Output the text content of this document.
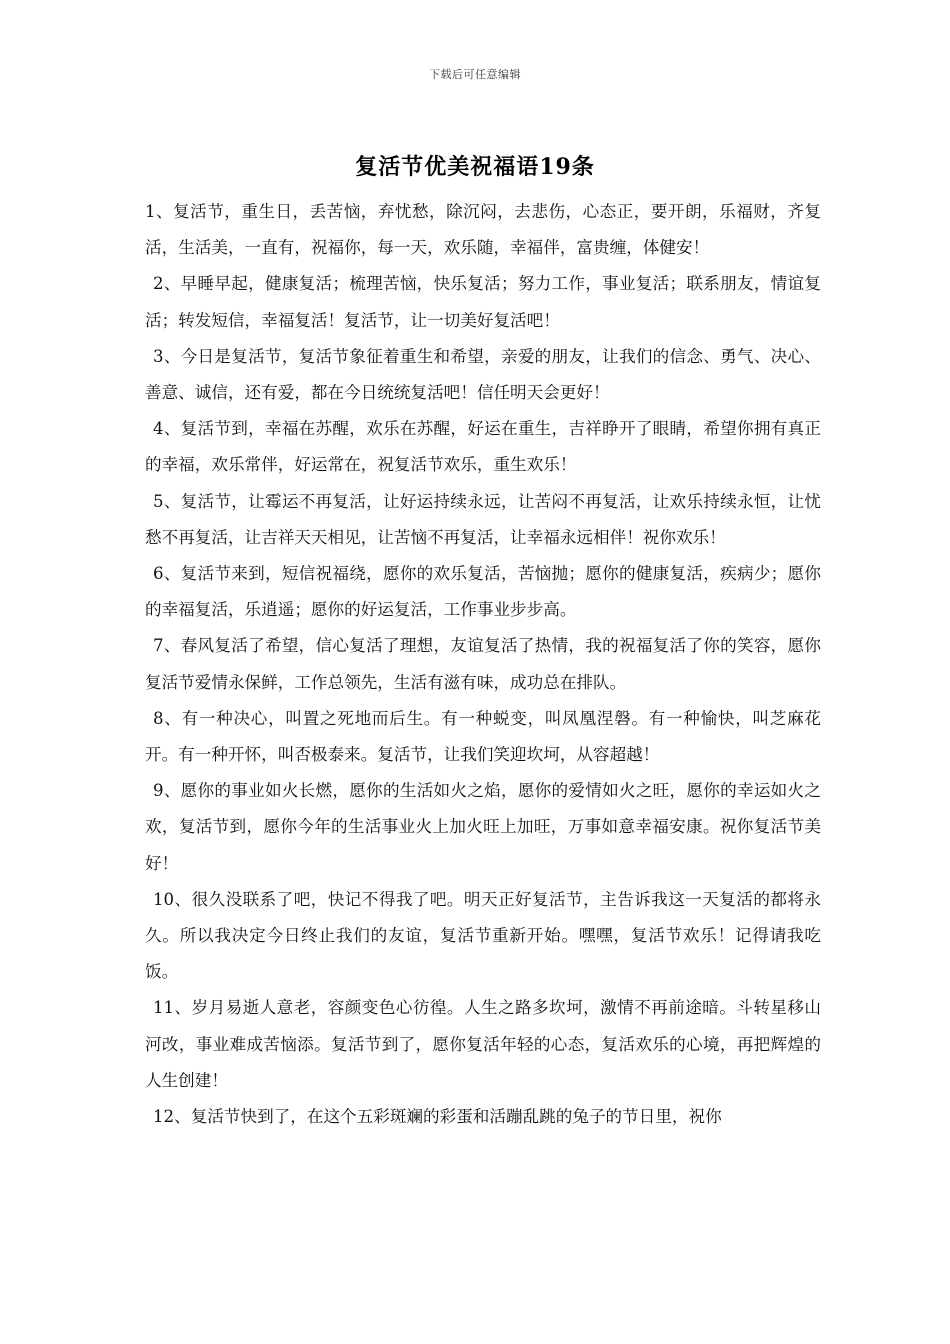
下载后可任意编辑
复活节优美祝福语19条

1、复活节，重生日，丢苦恼，弃忧愁，除沉闷，去悲伤，心态正，要开朗，乐福财，齐复活，生活美，一直有，祝福你，每一天，欢乐随，幸福伴，富贵缠，体健安！

2、早睡早起，健康复活；梳理苦恼，快乐复活；努力工作，事业复活；联系朋友，情谊复活；转发短信，幸福复活！复活节，让一切美好复活吧！

3、今日是复活节，复活节象征着重生和希望，亲爱的朋友，让我们的信念、勇气、决心、善意、诚信，还有爱，都在今日统统复活吧！信任明天会更好！

4、复活节到，幸福在苏醒，欢乐在苏醒，好运在重生，吉祥睁开了眼睛，希望你拥有真正的幸福，欢乐常伴，好运常在，祝复活节欢乐，重生欢乐！

5、复活节，让霉运不再复活，让好运持续永远，让苦闷不再复活，让欢乐持续永恒，让忧愁不再复活，让吉祥天天相见，让苦恼不再复活，让幸福永远相伴！祝你欢乐！

6、复活节来到，短信祝福绕，愿你的欢乐复活，苦恼抛；愿你的健康复活，疾病少；愿你的幸福复活，乐逍遥；愿你的好运复活，工作事业步步高。

7、春风复活了希望，信心复活了理想，友谊复活了热情，我的祝福复活了你的笑容，愿你复活节爱情永保鲜，工作总领先，生活有滋有味，成功总在排队。

8、有一种决心，叫置之死地而后生。有一种蜕变，叫凤凰涅磐。有一种愉快，叫芝麻花开。有一种开怀，叫否极泰来。复活节，让我们笑迎坎坷，从容超越！

9、愿你的事业如火长燃，愿你的生活如火之焰，愿你的爱情如火之旺，愿你的幸运如火之欢，复活节到，愿你今年的生活事业火上加火旺上加旺，万事如意幸福安康。祝你复活节美好！

10、很久没联系了吧，快记不得我了吧。明天正好复活节，主告诉我这一天复活的都将永久。所以我决定今日终止我们的友谊，复活节重新开始。嘿嘿，复活节欢乐！记得请我吃饭。

11、岁月易逝人意老，容颜变色心彷徨。人生之路多坎坷，激情不再前途暗。斗转星移山河改，事业难成苦恼添。复活节到了，愿你复活年轻的心态，复活欢乐的心境，再把辉煌的人生创建！

12、复活节快到了，在这个五彩斑斓的彩蛋和活蹦乱跳的兔子的节日里，祝你
